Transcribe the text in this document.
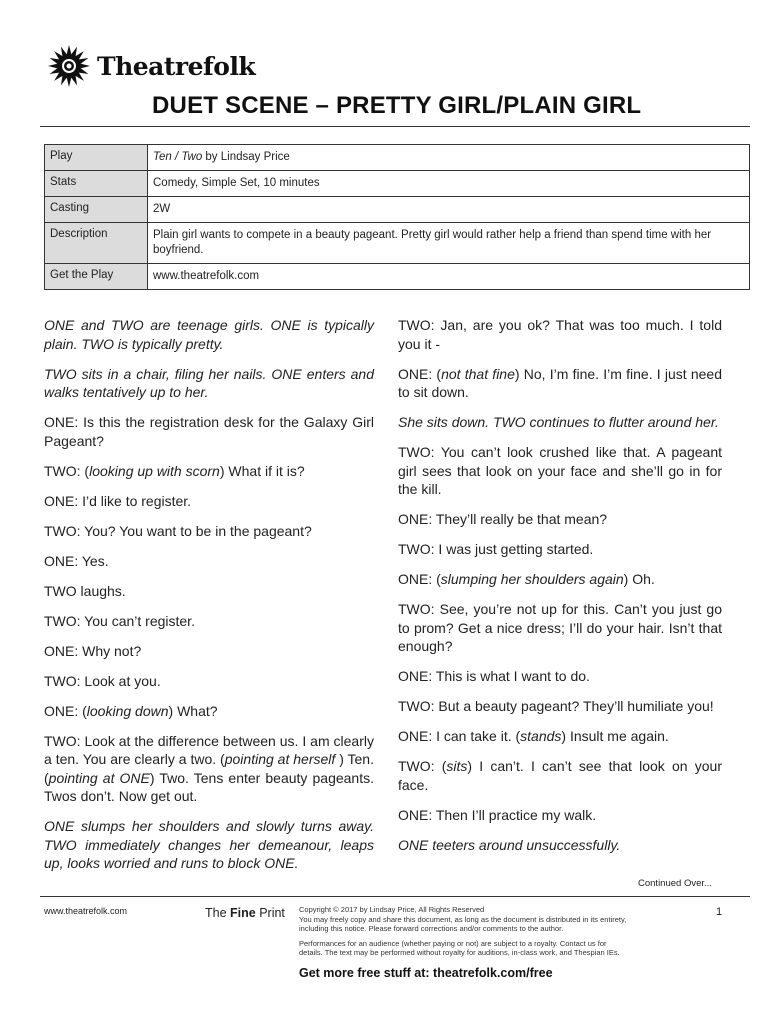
Theatrefolk
DUET SCENE – PRETTY GIRL/PLAIN GIRL
Play	Ten / Two by Lindsay Price
Stats	Comedy, Simple Set, 10 minutes
Casting	2W
Description	Plain girl wants to compete in a beauty pageant. Pretty girl would rather help a friend than spend time with her boyfriend.
Get the Play	www.theatrefolk.com

ONE and TWO are teenage girls. ONE is typically plain. TWO is typically pretty.

TWO sits in a chair, filing her nails. ONE enters and walks tentatively up to her.

ONE: Is this the registration desk for the Galaxy Girl Pageant?

TWO: (looking up with scorn) What if it is?

ONE: I’d like to register.

TWO: You? You want to be in the pageant?

ONE: Yes.

TWO laughs.

TWO: You can’t register.

ONE: Why not?

TWO: Look at you.

ONE: (looking down) What?

TWO: Look at the difference between us. I am clearly a ten. You are clearly a two. (pointing at herself ) Ten. (pointing at ONE) Two. Tens enter beauty pageants. Twos don’t. Now get out.

ONE slumps her shoulders and slowly turns away. TWO immediately changes her demeanour, leaps up, looks worried and runs to block ONE.

TWO: Jan, are you ok? That was too much. I told you it -

ONE: (not that fine) No, I’m fine. I’m fine. I just need to sit down.

She sits down. TWO continues to flutter around her.

TWO: You can’t look crushed like that. A pageant girl sees that look on your face and she’ll go in for the kill.

ONE: They’ll really be that mean?

TWO: I was just getting started.

ONE: (slumping her shoulders again) Oh.

TWO: See, you’re not up for this. Can’t you just go to prom? Get a nice dress; I’ll do your hair. Isn’t that enough?

ONE: This is what I want to do.

TWO: But a beauty pageant? They’ll humiliate you!

ONE: I can take it. (stands) Insult me again.

TWO: (sits) I can’t. I can’t see that look on your face.

ONE: Then I’ll practice my walk.

ONE teeters around unsuccessfully.

Continued Over...
www.theatrefolk.com	The Fine Print Copyright © 2017 by Lindsay Price, All Rights Reserved
You may freely copy and share this document, as long as the document is distributed in its entirety,
including this notice. Please forward corrections and/or comments to the author.
Performances for an audience (whether paying or not) are subject to a royalty. Contact us for
details. The text may be performed without royalty for auditions, in-class work, and Thespian IEs.
1
Get more free stuff at: theatrefolk.com/free
